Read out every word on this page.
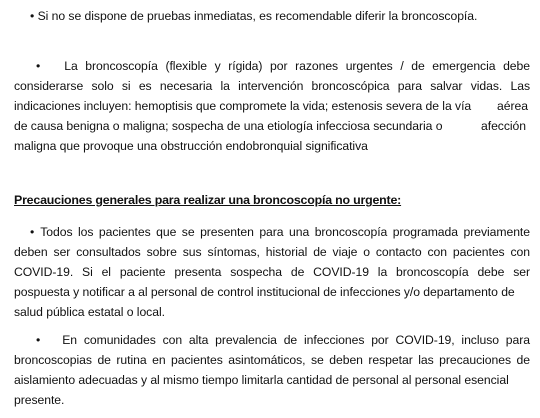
• Si no se dispone de pruebas inmediatas, es recomendable diferir la broncoscopía.
• La broncoscopía (flexible y rígida) por razones urgentes / de emergencia debe
considerarse solo si es necesaria la intervención broncoscópica para salvar vidas. Las
indicaciones incluyen: hemoptisis que compromete la vida; estenosis severa de la vía aérea
de causa benigna o maligna; sospecha de una etiología infecciosa secundaria o	afección
maligna que provoque una obstrucción endobronquial significativa
Precauciones generales para realizar una broncoscopía no urgente:
• Todos los pacientes que se presenten para una broncoscopía programada previamente
deben ser consultados sobre sus síntomas, historial de viaje o contacto con pacientes con
COVID-19. Si el paciente presenta sospecha de COVID-19 la broncoscopía debe ser
pospuesta y notificar a al personal de control institucional de infecciones y/o departamento de
salud pública estatal o local.
• En comunidades con alta prevalencia de infecciones por COVID-19, incluso para
broncoscopias de rutina en pacientes asintomáticos, se deben respetar las precauciones de
aislamiento adecuadas y al mismo tiempo limitarla cantidad de personal al personal esencial
presente.
